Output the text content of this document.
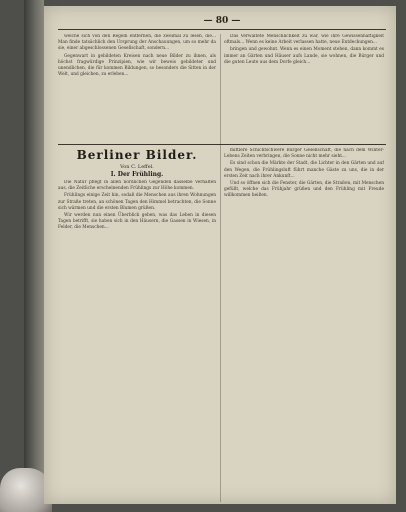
— 80 —

welche sich von den Regeln entfernen, die zweimal zu lesen, die... Man finde tatsächlich den Ursprung der Anschauungen, um so mehr da sie, einer abgeschlossenen Gesellschaft, sondern...

Gegenwart in gebildeten Kreisen nach neue Bilder zu ihnen, als höchst fragwürdige Prinzipien, wie wir beweis gebildeter und unendlichen, die für kommen Bildungen, so besonders die Sitten in der Welt, und gleichen, zu erleben...

Das Verwaltete Menschlichkeit zu war, wie ihre Gewissenhaftigkeit oftmals... Wenn es keine Arbeit verlassen hatte, neue Entdeckungen...

bringen und gewohnt. Wenn es einen Moment stehen, dann kommt es immer an Gärten und Häuser aufs Lande, sie wohnen, die Bürger und die guten Leute aus dem Dorfe gleich...

Berliner Bilder.
Von C. Leffel.
I. Der Frühling.

Die Natur pflegt in allen nördlichen Gegenden dasselbe Verhalten aus, die Zeitliche erscheinenden Frühlings zur Höhe kommen.

Frühlings einige Zeit hin, sodaß die Menschen aus ihren Wohnungen zur Straße treten, an schönen Tagen den Himmel betrachten, die Sonne sich wärmen und die ersten Blumen grüßen.

Wir werden nun einen Überblick geben, was das Leben in diesen Tagen betrifft, sie haben sich in den Häusern, die Gassen in Wiesen, in Felder, die Menschen...

mittlere Schichtschwere Bürger Gesellschaft, die nach dem Winter-Lebens Zeiten verbringen, die Sonne nicht mehr sieht...

Es sind schon die Märkte der Stadt, die Lichter in den Gärten und auf den Wegen, die Frühlingsluft führt manche Gäste zu uns, die in der ersten Zeit nach ihrer Ankunft...

Und so öffnen sich die Fenster, die Gärten, die Straßen, mit Menschen gefüllt, welche das Frühjahr grüßen und den Frühling mit Freude willkommen heißen.
